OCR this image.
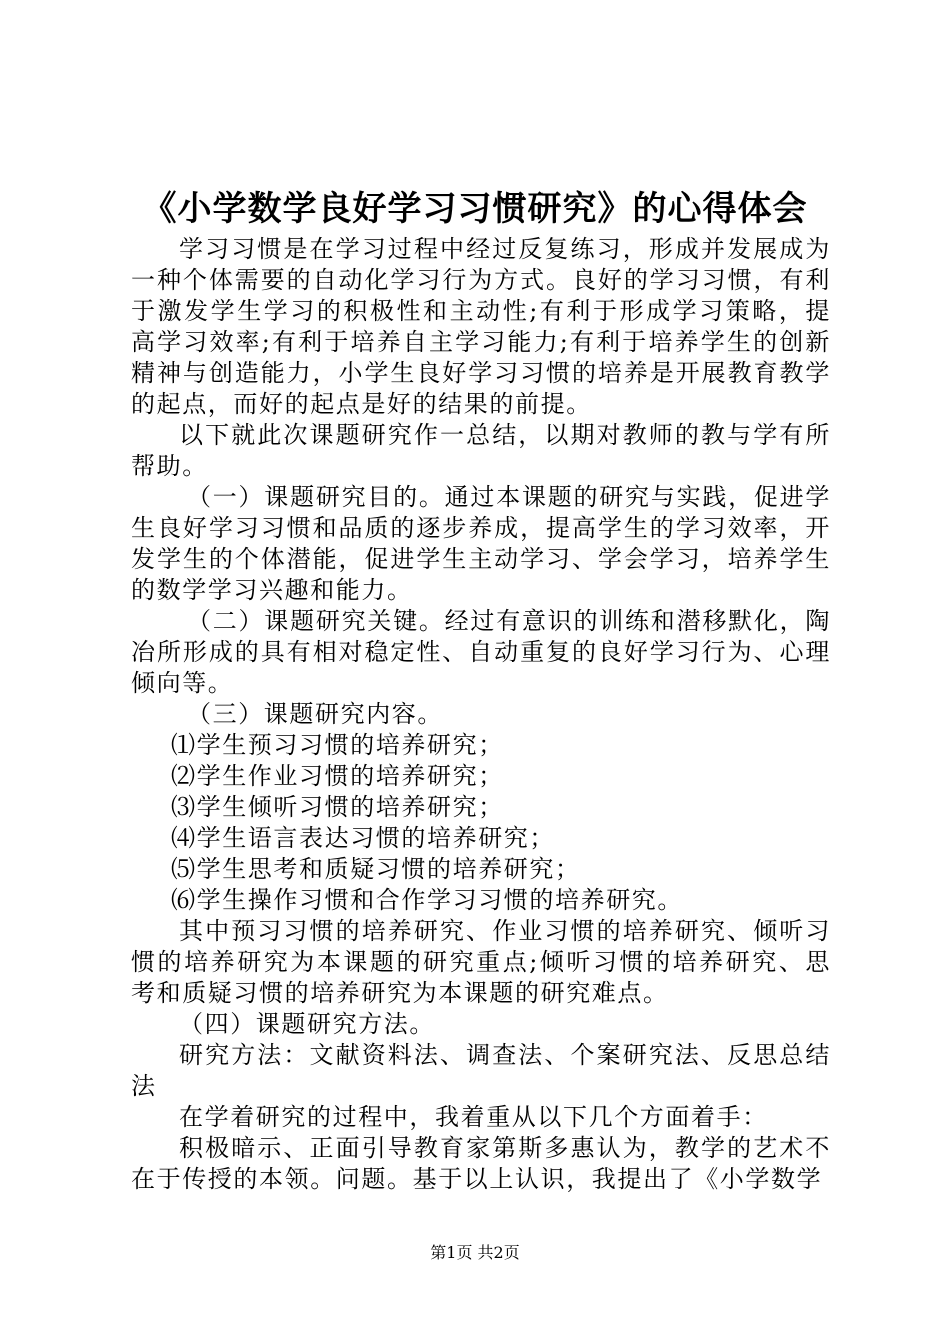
《小学数学良好学习习惯研究》的心得体会

学习习惯是在学习过程中经过反复练习，形成并发展成为一种个体需要的自动化学习行为方式。良好的学习习惯，有利于激发学生学习的积极性和主动性;有利于形成学习策略，提高学习效率;有利于培养自主学习能力;有利于培养学生的创新精神与创造能力，小学生良好学习习惯的培养是开展教育教学的起点，而好的起点是好的结果的前提。

以下就此次课题研究作一总结，以期对教师的教与学有所帮助。

（一）课题研究目的。通过本课题的研究与实践，促进学生良好学习习惯和品质的逐步养成，提高学生的学习效率，开发学生的个体潜能，促进学生主动学习、学会学习，培养学生的数学学习兴趣和能力。

（二）课题研究关键。经过有意识的训练和潜移默化，陶冶所形成的具有相对稳定性、自动重复的良好学习行为、心理倾向等。

（三）课题研究内容。

⑴学生预习习惯的培养研究；

⑵学生作业习惯的培养研究；

⑶学生倾听习惯的培养研究；

⑷学生语言表达习惯的培养研究；

⑸学生思考和质疑习惯的培养研究；

⑹学生操作习惯和合作学习习惯的培养研究。

其中预习习惯的培养研究、作业习惯的培养研究、倾听习惯的培养研究为本课题的研究重点;倾听习惯的培养研究、思考和质疑习惯的培养研究为本课题的研究难点。

（四）课题研究方法。

研究方法：文献资料法、调查法、个案研究法、反思总结法

在学着研究的过程中，我着重从以下几个方面着手：

积极暗示、正面引导教育家第斯多惠认为，教学的艺术不在于传授的本领。问题。基于以上认识，我提出了《小学数学

第1页 共2页
